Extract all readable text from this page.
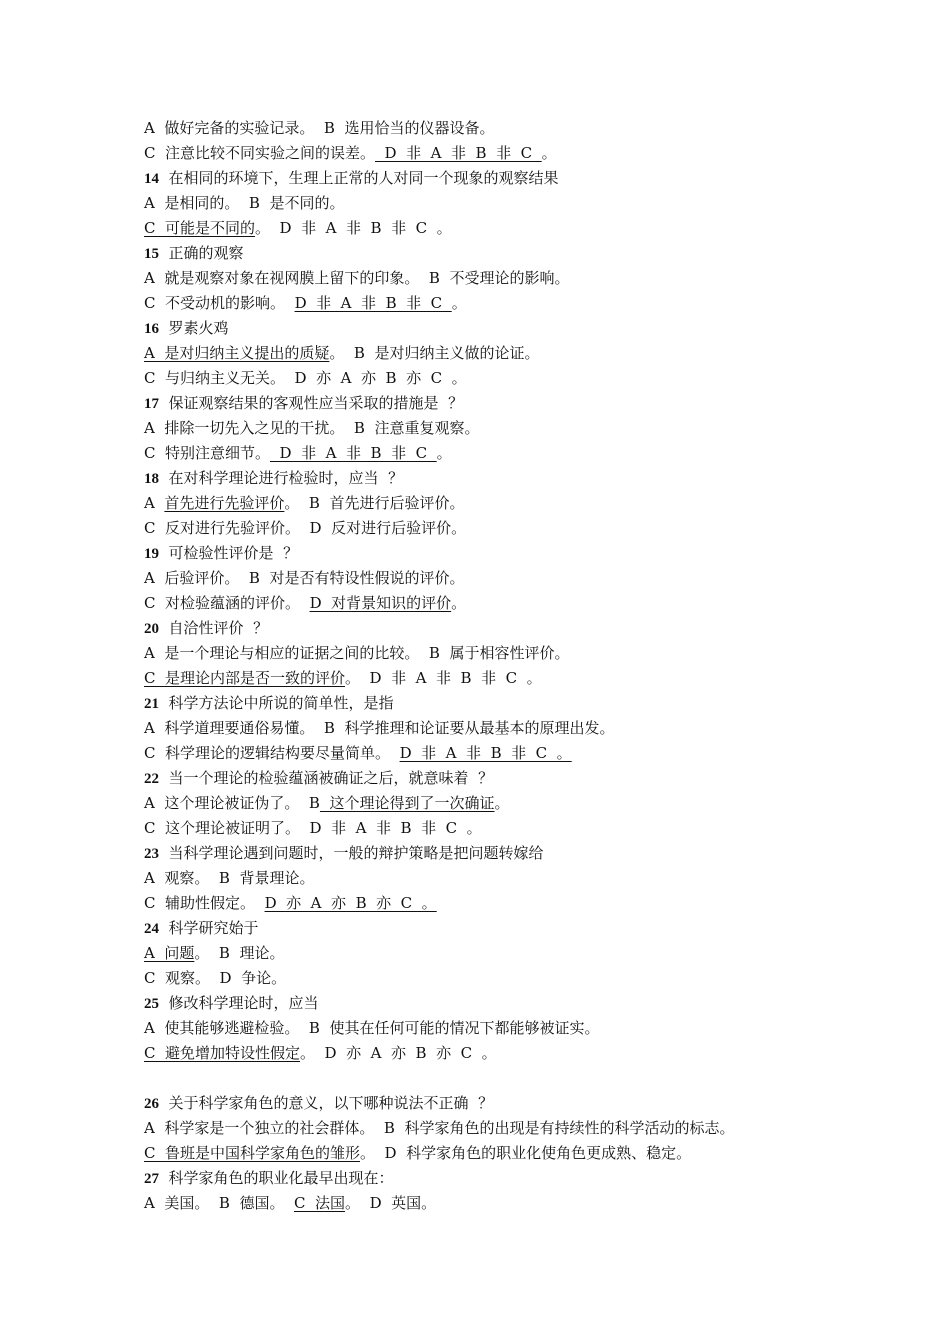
A  做好完备的实验记录。  B  选用恰当的仪器设备。
C  注意比较不同实验之间的误差。  D  非  A  非  B  非  C  。
14  在相同的环境下，生理上正常的人对同一个现象的观察结果
A  是相同的。  B  是不同的。
C  可能是不同的。  D  非  A  非  B  非  C  。
15  正确的观察
A  就是观察对象在视网膜上留下的印象。  B  不受理论的影响。
C  不受动机的影响。  D  非  A  非  B  非  C  。
16  罗素火鸡
A  是对归纳主义提出的质疑。  B  是对归纳主义做的论证。
C  与归纳主义无关。  D  亦  A  亦  B  亦  C  。
17  保证观察结果的客观性应当采取的措施是  ？
A  排除一切先入之见的干扰。  B  注意重复观察。
C  特别注意细节。  D  非  A  非  B  非  C  。
18  在对科学理论进行检验时，应当  ？
A  首先进行先验评价。  B  首先进行后验评价。
C  反对进行先验评价。  D  反对进行后验评价。
19  可检验性评价是  ？
A  后验评价。  B  对是否有特设性假说的评价。
C  对检验蕴涵的评价。  D  对背景知识的评价。
20  自洽性评价  ？
A  是一个理论与相应的证据之间的比较。  B  属于相容性评价。
C  是理论内部是否一致的评价。  D  非  A  非  B  非  C  。
21  科学方法论中所说的简单性，是指
A  科学道理要通俗易懂。  B  科学推理和论证要从最基本的原理出发。
C  科学理论的逻辑结构要尽量简单。  D  非  A  非  B  非  C  。
22  当一个理论的检验蕴涵被确证之后，就意味着  ？
A  这个理论被证伪了。  B  这个理论得到了一次确证。
C  这个理论被证明了。  D  非  A  非  B  非  C  。
23  当科学理论遇到问题时，一般的辩护策略是把问题转嫁给
A  观察。  B  背景理论。
C  辅助性假定。  D  亦  A  亦  B  亦  C  。
24  科学研究始于
A  问题。  B  理论。
C  观察。  D  争论。
25  修改科学理论时，应当
A  使其能够逃避检验。  B  使其在任何可能的情况下都能够被证实。
C  避免增加特设性假定。  D  亦  A  亦  B  亦  C  。
26  关于科学家角色的意义，以下哪种说法不正确  ？
A  科学家是一个独立的社会群体。  B  科学家角色的出现是有持续性的科学活动的标志。
C  鲁班是中国科学家角色的雏形。  D  科学家角色的职业化使角色更成熟、稳定。
27  科学家角色的职业化最早出现在：
A  美国。  B  德国。  C  法国。  D  英国。
